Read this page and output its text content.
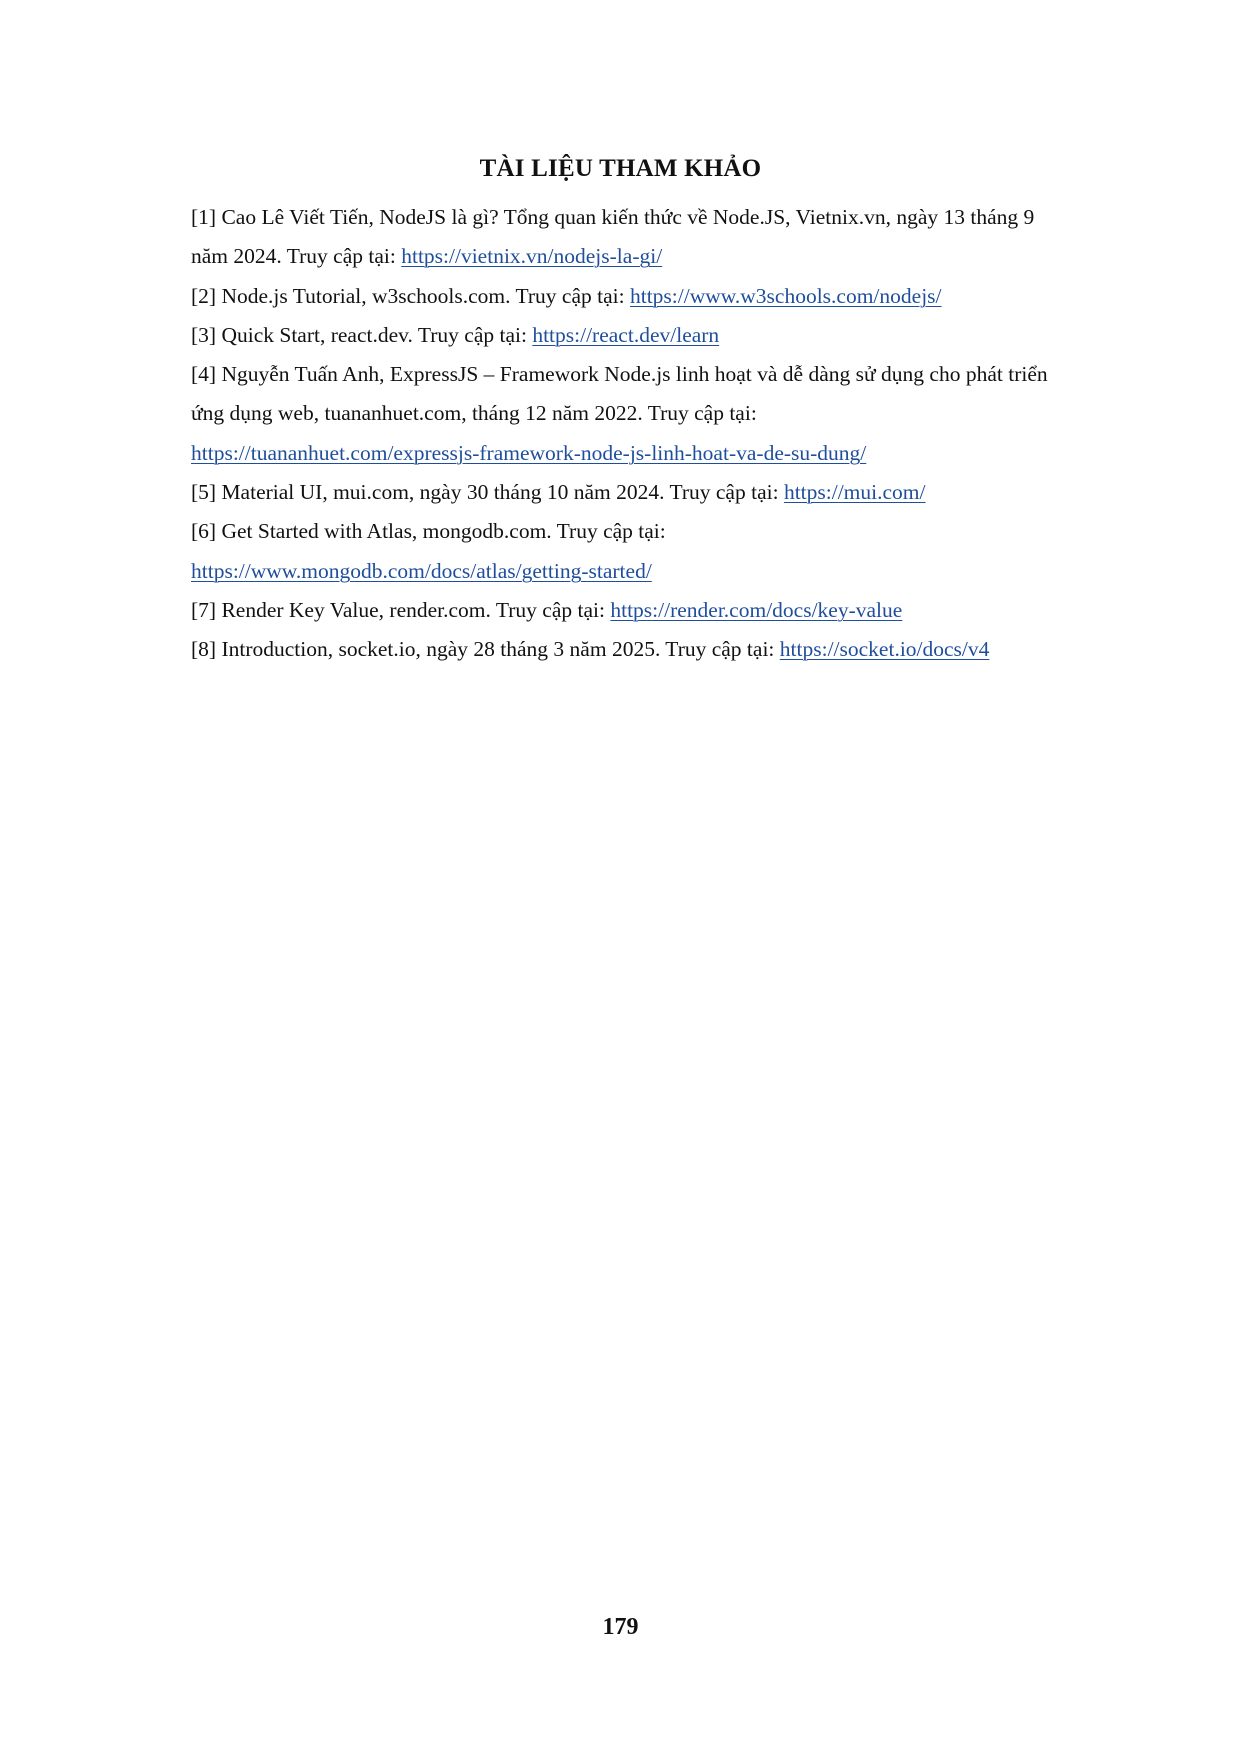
TÀI LIỆU THAM KHẢO
[1] Cao Lê Viết Tiến, NodeJS là gì? Tổng quan kiến thức về Node.JS, Vietnix.vn, ngày 13 tháng 9
năm 2024. Truy cập tại: https://vietnix.vn/nodejs-la-gi/
[2] Node.js Tutorial, w3schools.com. Truy cập tại: https://www.w3schools.com/nodejs/
[3] Quick Start, react.dev. Truy cập tại: https://react.dev/learn
[4] Nguyễn Tuấn Anh, ExpressJS – Framework Node.js linh hoạt và dễ dàng sử dụng cho phát triển
ứng dụng web, tuananhuet.com, tháng 12 năm 2022. Truy cập tại:
https://tuananhuet.com/expressjs-framework-node-js-linh-hoat-va-de-su-dung/
[5] Material UI, mui.com, ngày 30 tháng 10 năm 2024. Truy cập tại: https://mui.com/
[6] Get Started with Atlas, mongodb.com. Truy cập tại:
https://www.mongodb.com/docs/atlas/getting-started/
[7] Render Key Value, render.com. Truy cập tại: https://render.com/docs/key-value
[8] Introduction, socket.io, ngày 28 tháng 3 năm 2025. Truy cập tại: https://socket.io/docs/v4
179
